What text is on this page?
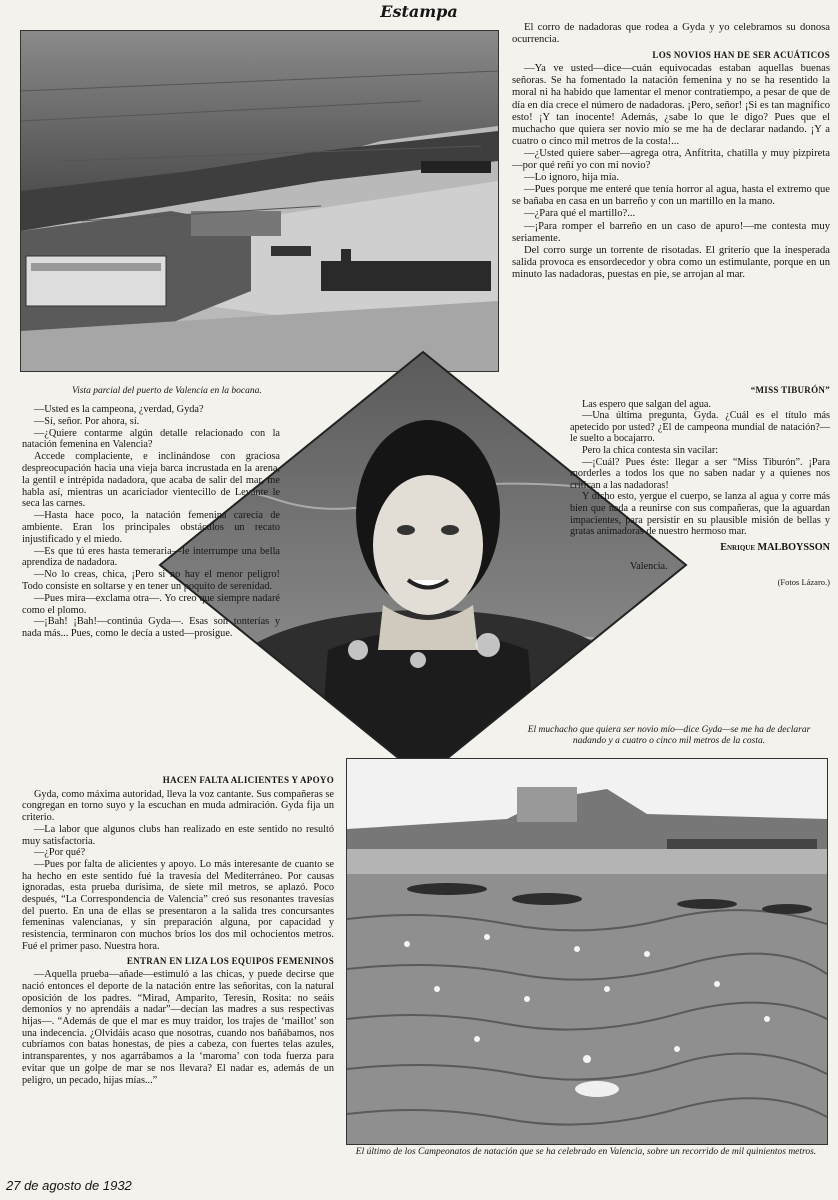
Estampa
Vista parcial del puerto de Valencia en la bocana.
El muchacho que quiera ser novio mío—dice Gyda—se me ha de declarar nadando y a cuatro o cinco mil metros de la costa.
El último de los Campeonatos de natación que se ha celebrado en Valencia, sobre un recorrido de mil quinientos metros.

El corro de nadadoras que rodea a Gyda y yo celebramos su donosa ocurrencia.

LOS NOVIOS HAN DE SER ACUÁTICOS

—Ya ve usted—dice—cuán equivocadas estaban aquellas buenas señoras. Se ha fomentado la natación femenina y no se ha resentido la moral ni ha habido que lamentar el menor contratiempo, a pesar de que de día en día crece el número de nadadoras. ¡Pero, señor! ¡Si es tan magnífico esto! ¡Y tan inocente! Además, ¿sabe lo que le digo? Pues que el muchacho que quiera ser novio mío se me ha de declarar nadando. ¡Y a cuatro o cinco mil metros de la costa!...

—¿Usted quiere saber—agrega otra, Anfítrita, chatilla y muy pizpireta—por qué reñí yo con mi novio?

—Lo ignoro, hija mía.

—Pues porque me enteré que tenía horror al agua, hasta el extremo que se bañaba en casa en un barreño y con un martillo en la mano.

—¿Para qué el martillo?...

—¡Para romper el barreño en un caso de apuro!—me contesta muy seriamente.

Del corro surge un torrente de risotadas. El griterío que la inesperada salida provoca es ensordecedor y obra como un estimulante, porque en un minuto las nadadoras, puestas en pie, se arrojan al mar.

“MISS TIBURÓN”

Las espero que salgan del agua.

—Una última pregunta, Gyda. ¿Cuál es el título más apetecido por usted? ¿El de campeona mundial de natación?—le suelto a bocajarro.

Pero la chica contesta sin vacilar:

—¡Cuál? Pues éste: llegar a ser “Miss Tiburón”. ¡Para morderles a todos los que no saben nadar y a quienes nos critican a las nadadoras!

Y dicho esto, yergue el cuerpo, se lanza al agua y corre más bien que nada a reunirse con sus compañeras, que la aguardan impacientes, para persistir en su plausible misión de bellas y gratas animadoras de nuestro hermoso mar.

Enrique MALBOYSSON

Valencia.

(Fotos Lázaro.)

—Usted es la campeona, ¿verdad, Gyda?

—Sí, señor. Por ahora, sí.

—¿Quiere contarme algún detalle relacionado con la natación femenina en Valencia?

Accede complaciente, e inclinándose con graciosa despreocupación hacia una vieja barca incrustada en la arena, la gentil e intrépida nadadora, que acaba de salir del mar, me habla así, mientras un acariciador vientecillo de Levante le seca las carnes.

—Hasta hace poco, la natación femenina carecía de ambiente. Eran los principales obstáculos un recato injustificado y el miedo.

—Es que tú eres hasta temeraria—le interrumpe una bella aprendiza de nadadora.

—No lo creas, chica, ¡Pero si no hay el menor peligro! Todo consiste en soltarse y en tener un poquito de serenidad.

—Pues mira—exclama otra—. Yo creo que siempre nadaré como el plomo.

—¡Bah! ¡Bah!—continúa Gyda—. Esas son tonterías y nada más... Pues, como le decía a usted—prosigue.

HACEN FALTA ALICIENTES Y APOYO

Gyda, como máxima autoridad, lleva la voz cantante. Sus compañeras se congregan en torno suyo y la escuchan en muda admiración. Gyda fija un criterio.

—La labor que algunos clubs han realizado en este sentido no resultó muy satisfactoria.

—¿Por qué?

—Pues por falta de alicientes y apoyo. Lo más interesante de cuanto se ha hecho en este sentido fué la travesía del Mediterráneo. Por causas ignoradas, esta prueba durísima, de siete mil metros, se aplazó. Poco después, “La Correspondencia de Valencia” creó sus resonantes travesías del puerto. En una de ellas se presentaron a la salida tres concursantes femeninas valencianas, y sin preparación alguna, por capacidad y resistencia, terminaron con muchos bríos los dos mil ochocientos metros. Fué el primer paso. Nuestra hora.

ENTRAN EN LIZA LOS EQUIPOS FEMENINOS

—Aquella prueba—añade—estimuló a las chicas, y puede decirse que nació entonces el deporte de la natación entre las señoritas, con la natural oposición de los padres. “Mirad, Amparito, Teresín, Rosita: no seáis demonios y no aprendáis a nadar”—decían las madres a sus respectivas hijas—. “Además de que el mar es muy traidor, los trajes de ‘maillot’ son una indecencia. ¿Olvidáis acaso que nosotras, cuando nos bañábamos, nos cubríamos con batas honestas, de pies a cabeza, con fuertes telas azules, intransparentes, y nos agarrábamos a la ‘maroma’ con toda fuerza para evitar que un golpe de mar se nos llevara? El nadar es, además de un peligro, un pecado, hijas mías...”

27 de agosto de 1932
